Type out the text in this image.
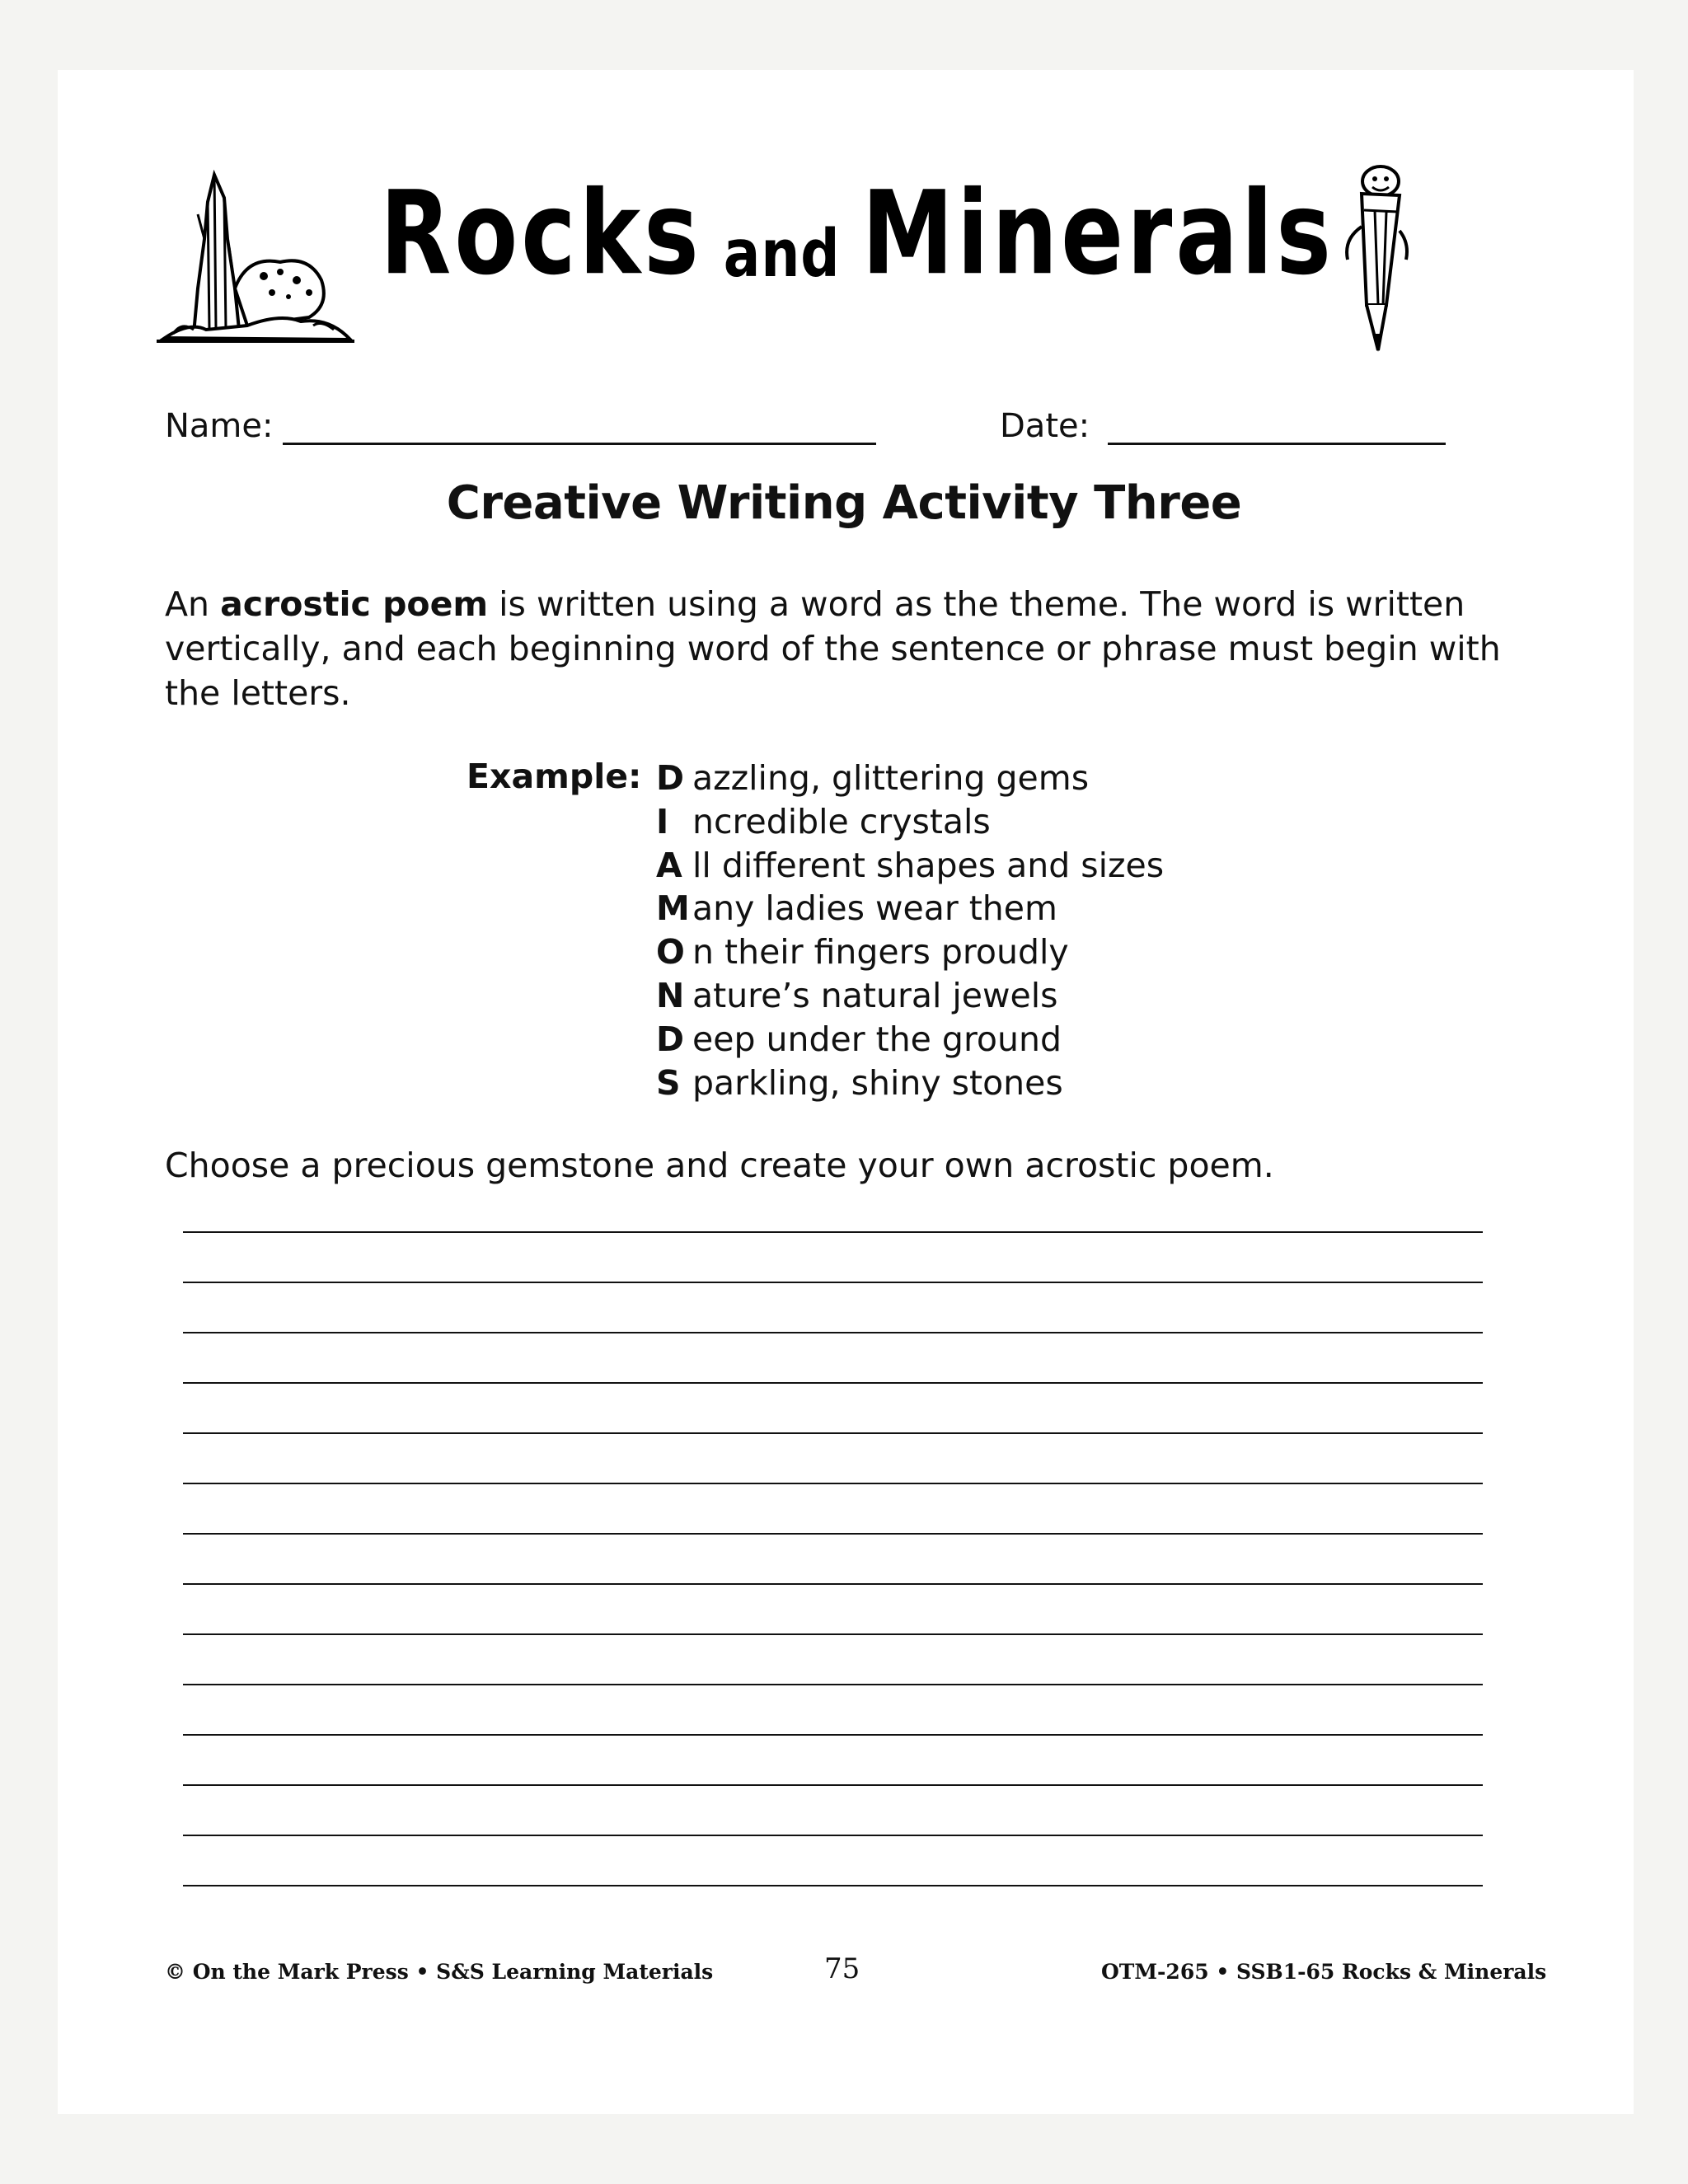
Rocks and Minerals
Name:	Date:
Creative Writing Activity Three
An acrostic poem is written using a word as the theme. The word is written vertically, and each beginning word of the sentence or phrase must begin with the letters.
Example: D azzling, glittering gems
I ncredible crystals
A ll different shapes and sizes
Many ladies wear them
O n their fingers proudly
N ature’s natural jewels
D eep under the ground
S parkling, shiny stones
Choose a precious gemstone and create your own acrostic poem.
© On the Mark Press • S&S Learning Materials	75	OTM-265 • SSB1-65 Rocks & Minerals
